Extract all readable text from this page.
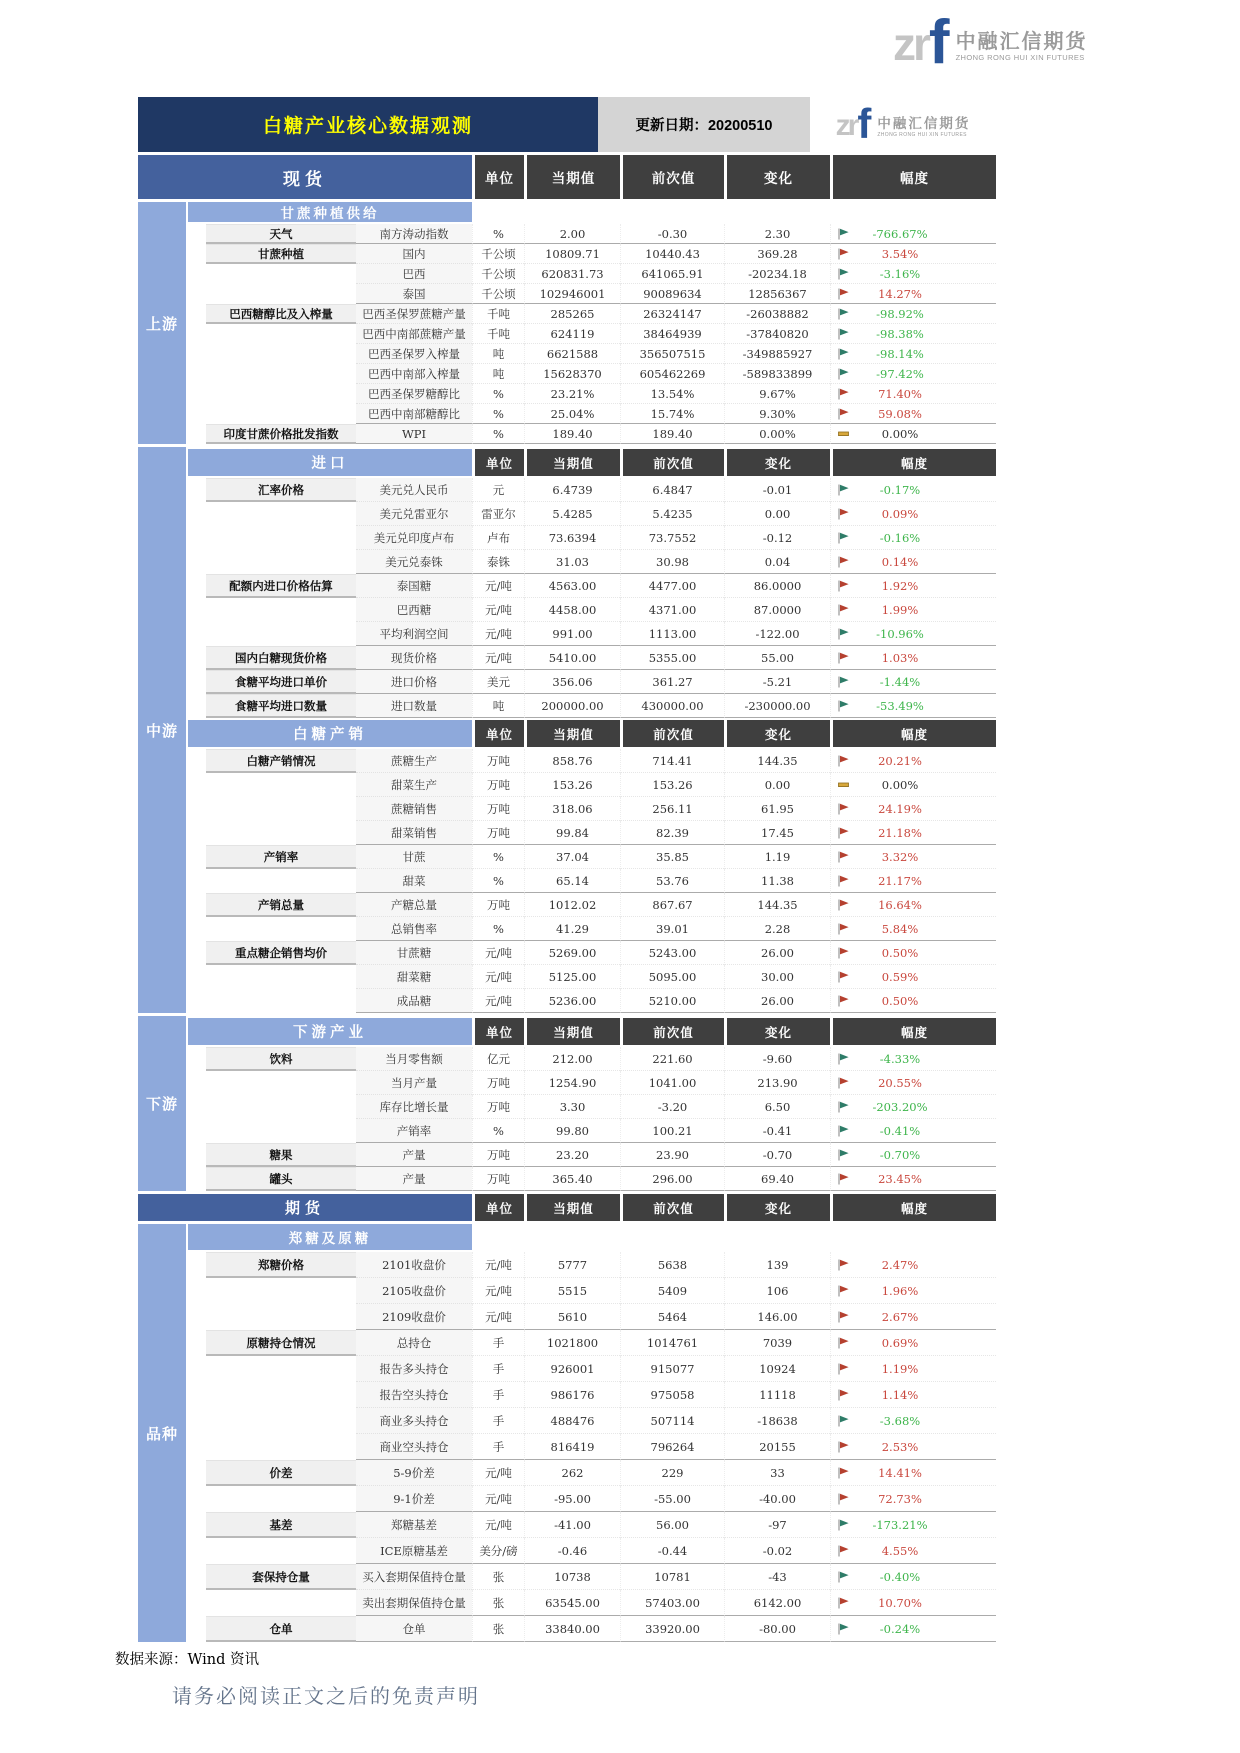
zr f 中融汇信期货
ZHONG RONG HUI XIN FUTURES
白糖产业核心数据观测	更新日期：20200510	zr f 中融汇信期货
ZHONG RONG HUI XIN FUTURES
现货	单位	当期值	前次值	变化	幅度
上游
甘蔗种植供给
天气	南方涛动指数	%	2.00	-0.30	2.30	-766.67%
甘蔗种植	国内	千公顷	10809.71	10440.43	369.28	3.54%
巴西	千公顷	620831.73	641065.91	-20234.18	-3.16%
泰国	千公顷	102946001	90089634	12856367	14.27%
巴西糖醇比及入榨量	巴西圣保罗蔗糖产量	千吨	285265	26324147	-26038882	-98.92%
巴西中南部蔗糖产量	千吨	624119	38464939	-37840820	-98.38%
巴西圣保罗入榨量	吨	6621588	356507515	-349885927	-98.14%
巴西中南部入榨量	吨	15628370	605462269	-589833899	-97.42%
巴西圣保罗糖醇比	%	23.21%	13.54%	9.67%	71.40%
巴西中南部糖醇比	%	25.04%	15.74%	9.30%	59.08%
印度甘蔗价格批发指数	WPI	%	189.40	189.40	0.00%	0.00%
中游
进口	单位	当期值	前次值	变化	幅度
汇率价格	美元兑人民币	元	6.4739	6.4847	-0.01	-0.17%
美元兑雷亚尔	雷亚尔	5.4285	5.4235	0.00	0.09%
美元兑印度卢布	卢布	73.6394	73.7552	-0.12	-0.16%
美元兑泰铢	泰铢	31.03	30.98	0.04	0.14%
配额内进口价格估算	泰国糖	元/吨	4563.00	4477.00	86.0000	1.92%
巴西糖	元/吨	4458.00	4371.00	87.0000	1.99%
平均利润空间	元/吨	991.00	1113.00	-122.00	-10.96%
国内白糖现货价格	现货价格	元/吨	5410.00	5355.00	55.00	1.03%
食糖平均进口单价	进口价格	美元	356.06	361.27	-5.21	-1.44%
食糖平均进口数量	进口数量	吨	200000.00	430000.00	-230000.00	-53.49%
白糖产销	单位	当期值	前次值	变化	幅度
白糖产销情况	蔗糖生产	万吨	858.76	714.41	144.35	20.21%
甜菜生产	万吨	153.26	153.26	0.00	0.00%
蔗糖销售	万吨	318.06	256.11	61.95	24.19%
甜菜销售	万吨	99.84	82.39	17.45	21.18%
产销率	甘蔗	%	37.04	35.85	1.19	3.32%
甜菜	%	65.14	53.76	11.38	21.17%
产销总量	产糖总量	万吨	1012.02	867.67	144.35	16.64%
总销售率	%	41.29	39.01	2.28	5.84%
重点糖企销售均价	甘蔗糖	元/吨	5269.00	5243.00	26.00	0.50%
甜菜糖	元/吨	5125.00	5095.00	30.00	0.59%
成品糖	元/吨	5236.00	5210.00	26.00	0.50%
下游
下游产业	单位	当期值	前次值	变化	幅度
饮料	当月零售额	亿元	212.00	221.60	-9.60	-4.33%
当月产量	万吨	1254.90	1041.00	213.90	20.55%
库存比增长量	万吨	3.30	-3.20	6.50	-203.20%
产销率	%	99.80	100.21	-0.41	-0.41%
糖果	产量	万吨	23.20	23.90	-0.70	-0.70%
罐头	产量	万吨	365.40	296.00	69.40	23.45%
期货	单位	当期值	前次值	变化	幅度
品种
郑糖及原糖
郑糖价格	2101收盘价	元/吨	5777	5638	139	2.47%
2105收盘价	元/吨	5515	5409	106	1.96%
2109收盘价	元/吨	5610	5464	146.00	2.67%
原糖持仓情况	总持仓	手	1021800	1014761	7039	0.69%
报告多头持仓	手	926001	915077	10924	1.19%
报告空头持仓	手	986176	975058	11118	1.14%
商业多头持仓	手	488476	507114	-18638	-3.68%
商业空头持仓	手	816419	796264	20155	2.53%
价差	5-9价差	元/吨	262	229	33	14.41%
9-1价差	元/吨	-95.00	-55.00	-40.00	72.73%
基差	郑糖基差	元/吨	-41.00	56.00	-97	-173.21%
ICE原糖基差	美分/磅	-0.46	-0.44	-0.02	4.55%
套保持仓量	买入套期保值持仓量	张	10738	10781	-43	-0.40%
卖出套期保值持仓量	张	63545.00	57403.00	6142.00	10.70%
仓单	仓单	张	33840.00	33920.00	-80.00	-0.24%
数据来源：Wind 资讯
请务必阅读正文之后的免责声明
